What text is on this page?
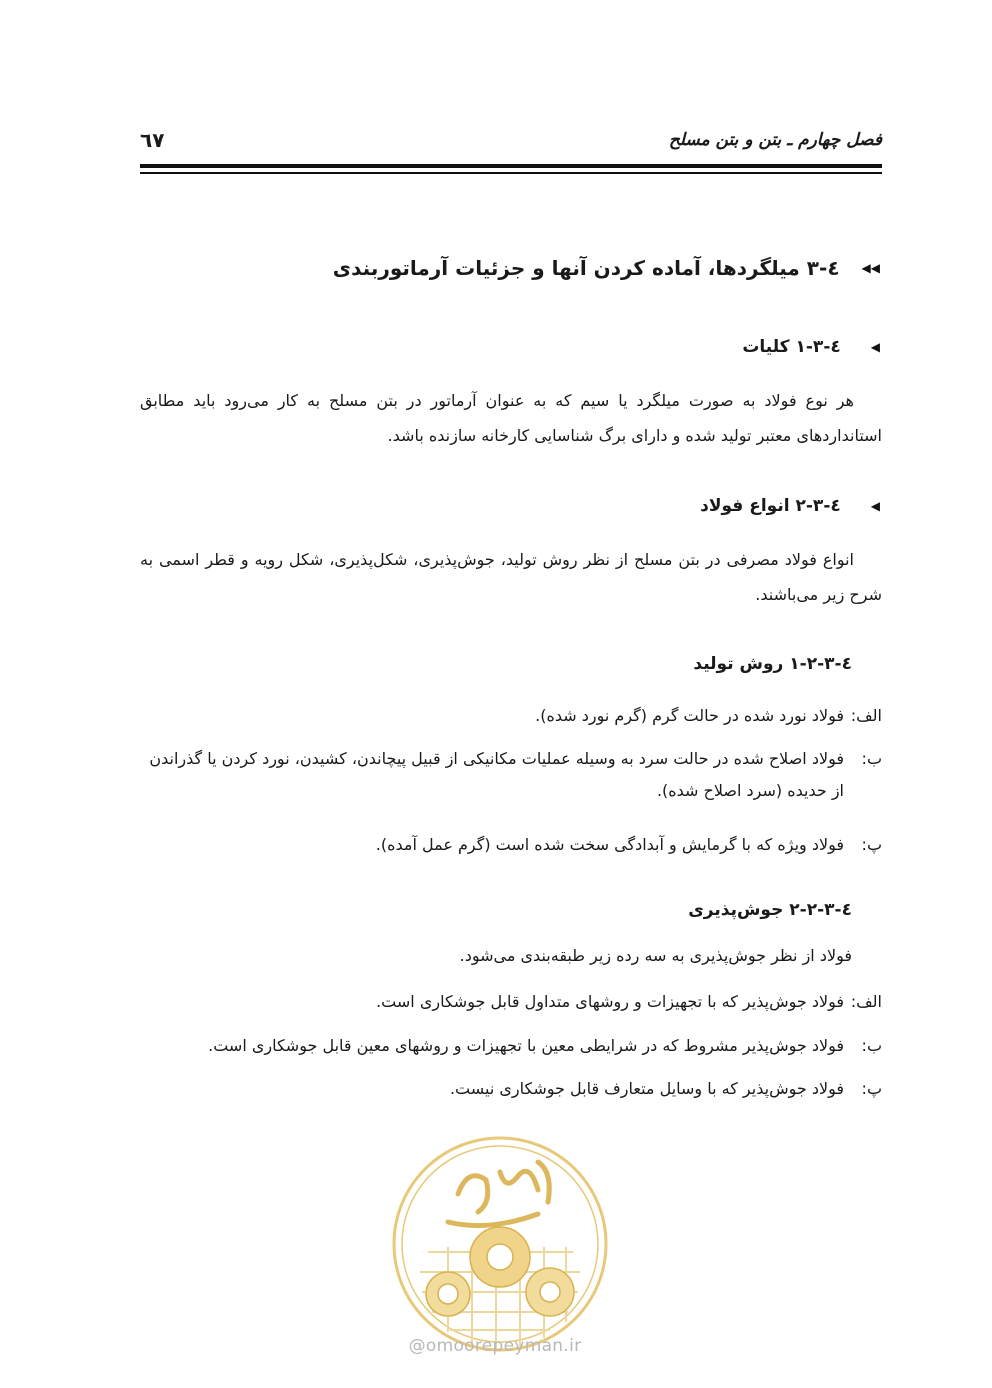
فصل چهارم ـ بتن و بتن مسلح
٦٧
◀◀
٤-٣ میلگردها، آماده کردن آنها و جزئیات آرماتوربندی
◀
٤-٣-١ کلیات
هر نوع فولاد به صورت میلگرد یا سیم که به عنوان آرماتور در بتن مسلح به کار می‌رود باید مطابق استانداردهای معتبر تولید شده و دارای برگ شناسایی کارخانه سازنده باشد.
◀
٤-٣-٢ انواع فولاد
انواع فولاد مصرفی در بتن مسلح از نظر روش تولید، جوش‌پذیری، شکل‌پذیری، شکل رویه و قطر اسمی به شرح زیر می‌باشند.
٤-٣-٢-١ روش تولید
الف:
فولاد نورد شده در حالت گرم (گرم نورد شده).
ب:
فولاد اصلاح شده در حالت سرد به وسیله عملیات مکانیکی از قبیل پیچاندن، کشیدن، نورد کردن یا گذراندن از حدیده (سرد اصلاح شده).
پ:
فولاد ویژه که با گرمایش و آبدادگی سخت شده است (گرم عمل آمده).
٤-٣-٢-٢ جوش‌پذیری
فولاد از نظر جوش‌پذیری به سه رده زیر طبقه‌بندی می‌شود.
الف:
فولاد جوش‌پذیر که با تجهیزات و روشهای متداول قابل جوشکاری است.
ب:
فولاد جوش‌پذیر مشروط که در شرایطی معین با تجهیزات و روشهای معین قابل جوشکاری است.
پ:
فولاد جوش‌پذیر که با وسایل متعارف قابل جوشکاری نیست.
@omoorepeyman.ir
